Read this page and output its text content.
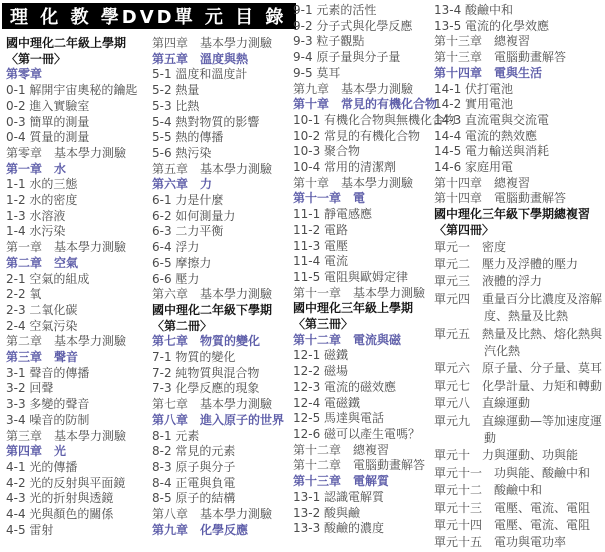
理 化 教 學DVD單 元 目 錄
國中理化二年級上學期
〈第一冊〉
第零章
0-1 解開宇宙奧秘的鑰匙
0-2 進入實驗室
0-3 簡單的測量
0-4 質量的測量
第零章　基本學力測驗
第一章　水
1-1 水的三態
1-2 水的密度
1-3 水溶液
1-4 水污染
第一章　基本學力測驗
第二章　空氣
2-1 空氣的組成
2-2 氧
2-3 二氧化碳
2-4 空氣污染
第二章　基本學力測驗
第三章　聲音
3-1 聲音的傳播
3-2 回聲
3-3 多變的聲音
3-4 噪音的防制
第三章　基本學力測驗
第四章　光
4-1 光的傳播
4-2 光的反射與平面鏡
4-3 光的折射與透鏡
4-4 光與顏色的關係
4-5 雷射
第四章　基本學力測驗
第五章　溫度與熱
5-1 溫度和溫度計
5-2 熱量
5-3 比熱
5-4 熱對物質的影響
5-5 熱的傳播
5-6 熱污染
第五章　基本學力測驗
第六章　力
6-1 力是什麼
6-2 如何測量力
6-3 二力平衡
6-4 浮力
6-5 摩擦力
6-6 壓力
第六章　基本學力測驗
國中理化二年級下學期
〈第二冊〉
第七章　物質的變化
7-1 物質的變化
7-2 純物質與混合物
7-3 化學反應的現象
第七章　基本學力測驗
第八章　進入原子的世界
8-1 元素
8-2 常見的元素
8-3 原子與分子
8-4 正電與負電
8-5 原子的結構
第八章　基本學力測驗
第九章　化學反應
9-1 元素的活性
9-2 分子式與化學反應
9-3 粒子觀點
9-4 原子量與分子量
9-5 莫耳
第九章　基本學力測驗
第十章　常見的有機化合物
10-1 有機化合物與無機化合物
10-2 常見的有機化合物
10-3 聚合物
10-4 常用的清潔劑
第十章　基本學力測驗
第十一章　電
11-1 靜電感應
11-2 電路
11-3 電壓
11-4 電流
11-5 電阻與歐姆定律
第十一章　基本學力測驗
國中理化三年級上學期
〈第三冊〉
第十二章　電流與磁
12-1 磁鐵
12-2 磁場
12-3 電流的磁效應
12-4 電磁鐵
12-5 馬達與電話
12-6 磁可以產生電嗎？
第十二章　總複習
第十二章　電腦動畫解答
第十三章　電解質
13-1 認識電解質
13-2 酸與鹼
13-3 酸鹼的濃度
13-4 酸鹼中和
13-5 電流的化學效應
第十三章　總複習
第十三章　電腦動畫解答
第十四章　電與生活
14-1 伏打電池
14-2 實用電池
14-3 直流電與交流電
14-4 電流的熱效應
14-5 電力輸送與消耗
14-6 家庭用電
第十四章　總複習
第十四章　電腦動畫解答
國中理化三年級下學期總複習
〈第四冊〉
單元一　密度
單元二　壓力及浮體的壓力
單元三　液體的浮力
單元四　重量百分比濃度及溶解度、熱量及比熱
單元五　熱量及比熱、熔化熱與汽化熱
單元六　原子量、分子量、莫耳
單元七　化學計量、力矩和轉動
單元八　直線運動
單元九　直線運動—等加速度運動
單元十　力與運動、功與能
單元十一　功與能、酸鹼中和
單元十二　酸鹼中和
單元十三　電壓、電流、電阻
單元十四　電壓、電流、電阻
單元十五　電功與電功率
